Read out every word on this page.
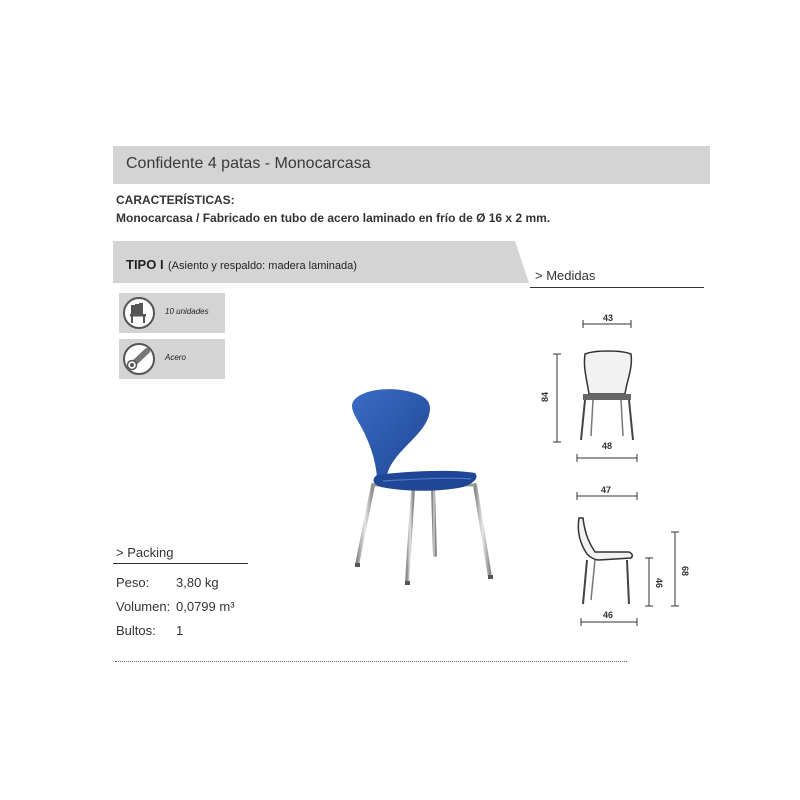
Confidente 4 patas - Monocarcasa
CARACTERÍSTICAS:
Monocarcasa / Fabricado en tubo de acero laminado en frío de Ø 16 x 2 mm.
TIPO I (Asiento y respaldo: madera laminada)
10 unidades
Acero
> Medidas
43
84
48
47
46
68
46
> Packing
Peso: 3,80 kg
Volumen: 0,0799 m³
Bultos: 1
